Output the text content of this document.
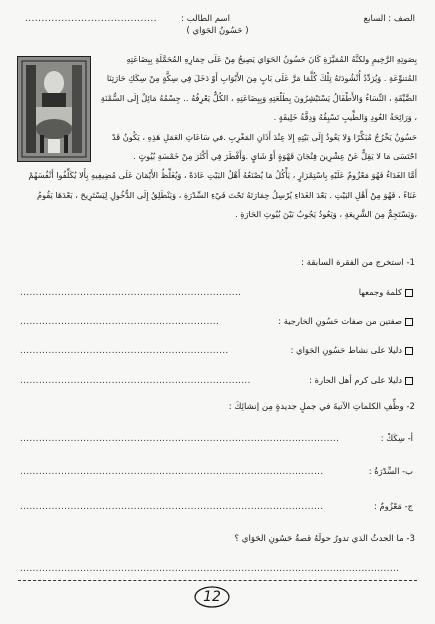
الصف : السابع
اسم الطالب :
........................................
( حَسُونُ الحَوَاي )

بِصَوتِهِ الرَّخِيمِ ولكنَّهُ المُمَيَّزَةِ كَانَ حَسُونُ الحَوَاي يَصِيحُ مِنْ عَلَى حِمَارِهِ المُحَمَّلَةِ بِبِضَاعَتِهِ المُتنوِّعَةِ . وَيُرَدِّدُ أُنْشُودَتَهُ تِلْكَ كُلَّمَا مَرَّ عَلَى بَابٍ مِنَ الأَبْوَابِ أَوْ دَخَلَ فِي سِكَّةٍ مِنْ سِكَكِ حَارَتِنَا الضَّيِّقَةِ ، النِّسَاءُ وَالأَطْفَالُ يَسْتَبْشِرُونَ بِطَلْعَتِهِ وَبِبِضَاعَتِهِ ، الكُلُّ يَعْرِفُهُ .. جِسْمُهُ مَائِلٌ إِلَى السُّمْنَةِ ، وَرَائِحَةُ العُودِ وَالطِّيبِ تَسْبِقُهُ وَدِقَّةُ خَلِيقَةٍ .

حَسُونُ يَخْرُجُ مُبَكِّرًا وَلا يَعُودُ إِلَى بَيْتِهِ إِلا عِنْدَ أَذَانِ المَغْرِبِ .في سَاعَاتِ العَمَلِ هَذِهِ ، يَكُونُ قَدْ احْتَسَى مَا لا يَقِلُّ عَنْ عِشْرِينَ فِنْجَانَ قَهْوَةٍ أَوْ شَايٍ .وَأَفْطَرَ فِي أَكْثَرَ مِنْ خَمْسَةِ بُيُوتٍ .

أَمَّا الغَدَاءُ فَهُوَ مَعْزُومٌ عَلَيْهِ بِاسْتِمْرَارٍ ، يَأْكُلُ مَا يُصْنَعُهُ أَهْلُ البَيْتِ عَادَةً ، وَيُغَلِّظُ الأَيْمَانَ عَلَى مُضِيفِيهِ بِأَلا يُكَلِّفُوا أَنْفُسَهُمْ عَنَاءً ، فَهُوَ مِنْ أَهْلِ البَيْتِ . بَعْدَ الغَدَاءِ يُرْسِلُ حِمَارَتَهُ تَحْتَ فَيْءِ السِّدْرَةِ ، وَيَنْطَلِقُ إِلَى الدُّخُولِ لِيَسْتَرِيحَ ، بَعْدَهَا يَقُومُ ،وَيَسْتَجِمُّ مِنَ الشَّرِيعَةِ ، وَيَعُودُ يَجُوبُ بَيْنَ بُيُوتِ الحَارَةِ .

1- استخرج من الفقرة السابقة :
كلمة وجمعها
......................................................................
صفتين من صفات حَسُونِ الخارجية :
...............................................................
دليلا على نشاط حَسُونِ الحَوَاي :
..................................................................
دليلا على كرم أهل الحارة :
.........................................................................
2- وظِّفِ الكلماتِ الآتيةَ في جملٍ جديدةٍ مِن إنشائِكَ :
أ- سِكَكْ :
.....................................................................................................
ب- السِّدْرَةُ :
................................................................................................
ج- مَعْزُومٌ :
................................................................................................
3- ما الحدثُ الذي تدورُ حولَهُ قصةُ حَسُونِ الحَوَاي ؟
........................................................................................................................
12
